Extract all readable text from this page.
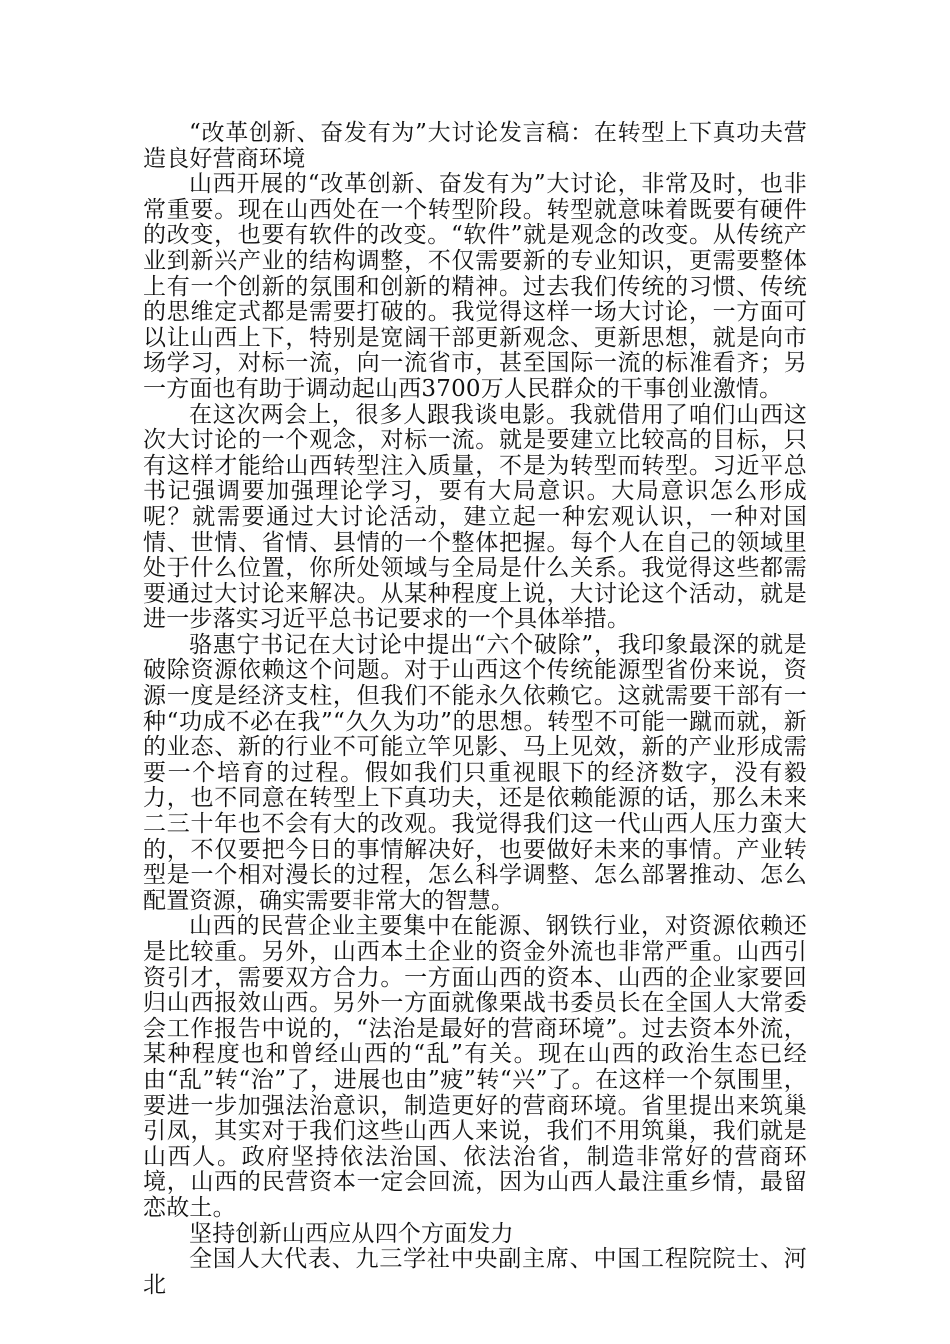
“改革创新、奋发有为”大讨论发言稿：在转型上下真功夫营造良好营商环境

山西开展的“改革创新、奋发有为”大讨论，非常及时，也非常重要。现在山西处在一个转型阶段。转型就意味着既要有硬件的改变，也要有软件的改变。“软件”就是观念的改变。从传统产业到新兴产业的结构调整，不仅需要新的专业知识，更需要整体上有一个创新的氛围和创新的精神。过去我们传统的习惯、传统的思维定式都是需要打破的。我觉得这样一场大讨论，一方面可以让山西上下，特别是宽阔干部更新观念、更新思想，就是向市场学习，对标一流，向一流省市，甚至国际一流的标准看齐；另一方面也有助于调动起山西3700万人民群众的干事创业激情。

在这次两会上，很多人跟我谈电影。我就借用了咱们山西这次大讨论的一个观念，对标一流。就是要建立比较高的目标，只有这样才能给山西转型注入质量，不是为转型而转型。习近平总书记强调要加强理论学习，要有大局意识。大局意识怎么形成呢？就需要通过大讨论活动，建立起一种宏观认识，一种对国情、世情、省情、县情的一个整体把握。每个人在自己的领域里处于什么位置，你所处领域与全局是什么关系。我觉得这些都需要通过大讨论来解决。从某种程度上说，大讨论这个活动，就是进一步落实习近平总书记要求的一个具体举措。

骆惠宁书记在大讨论中提出“六个破除”，我印象最深的就是破除资源依赖这个问题。对于山西这个传统能源型省份来说，资源一度是经济支柱，但我们不能永久依赖它。这就需要干部有一种“功成不必在我”“久久为功”的思想。转型不可能一蹴而就，新的业态、新的行业不可能立竿见影、马上见效，新的产业形成需要一个培育的过程。假如我们只重视眼下的经济数字，没有毅力，也不同意在转型上下真功夫，还是依赖能源的话，那么未来二三十年也不会有大的改观。我觉得我们这一代山西人压力蛮大的，不仅要把今日的事情解决好，也要做好未来的事情。产业转型是一个相对漫长的过程，怎么科学调整、怎么部署推动、怎么配置资源，确实需要非常大的智慧。

山西的民营企业主要集中在能源、钢铁行业，对资源依赖还是比较重。另外，山西本土企业的资金外流也非常严重。山西引资引才，需要双方合力。一方面山西的资本、山西的企业家要回归山西报效山西。另外一方面就像栗战书委员长在全国人大常委会工作报告中说的，“法治是最好的营商环境”。过去资本外流，某种程度也和曾经山西的“乱”有关。现在山西的政治生态已经由“乱”转“治”了，进展也由”疲”转“兴”了。在这样一个氛围里，要进一步加强法治意识，制造更好的营商环境。省里提出来筑巢引凤，其实对于我们这些山西人来说，我们不用筑巢，我们就是山西人。政府坚持依法治国、依法治省，制造非常好的营商环境，山西的民营资本一定会回流，因为山西人最注重乡情，最留恋故土。

坚持创新山西应从四个方面发力

全国人大代表、九三学社中央副主席、中国工程院院士、河北
